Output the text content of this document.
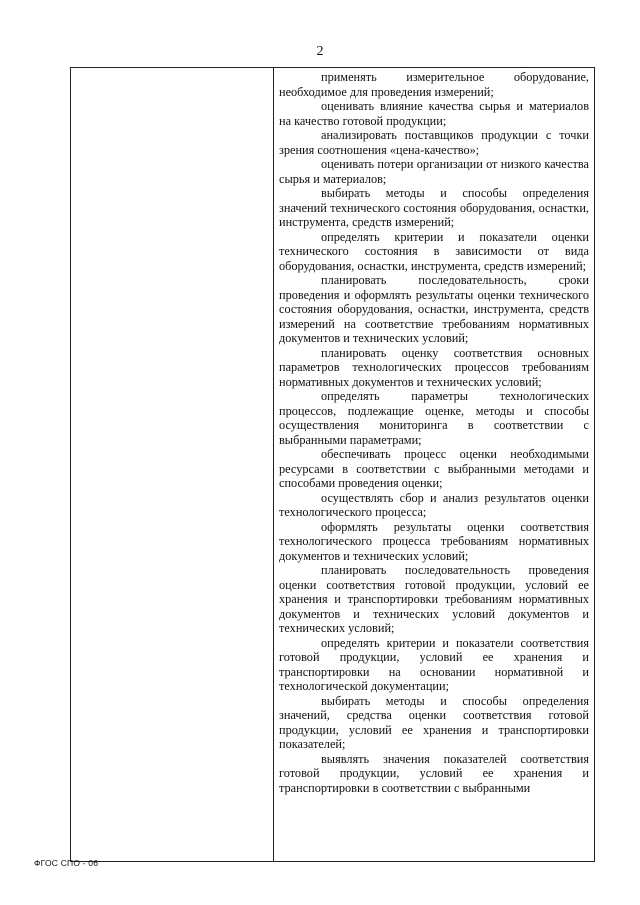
2

применять измерительное оборудование, необходимое для проведения измерений;

оценивать влияние качества сырья и материалов на качество готовой продукции;

анализировать поставщиков продукции с точки зрения соотношения «цена-качество»;

оценивать потери организации от низкого качества сырья и материалов;

выбирать методы и способы определения значений технического состояния оборудования, оснастки, инструмента, средств измерений;

определять критерии и показатели оценки технического состояния в зависимости от вида оборудования, оснастки, инструмента, средств измерений;

планировать последовательность, сроки проведения и оформлять результаты оценки технического состояния оборудования, оснастки, инструмента, средств измерений на соответствие требованиям нормативных документов и технических условий;

планировать оценку соответствия основных параметров технологических процессов требованиям нормативных документов и технических условий;

определять параметры технологических процессов, подлежащие оценке, методы и способы осуществления мониторинга в соответствии с выбранными параметрами;

обеспечивать процесс оценки необходимыми ресурсами в соответствии с выбранными методами и способами проведения оценки;

осуществлять сбор и анализ результатов оценки технологического процесса;

оформлять результаты оценки соответствия технологического процесса требованиям нормативных документов и технических условий;

планировать последовательность проведения оценки соответствия готовой продукции, условий ее хранения и транспортировки требованиям нормативных документов и технических условий документов и технических условий;

определять критерии и показатели соответствия готовой продукции, условий ее хранения и транспортировки на основании нормативной и технологической документации;

выбирать методы и способы определения значений, средства оценки соответствия готовой продукции, условий ее хранения и транспортировки показателей;

выявлять значения показателей соответствия готовой продукции, условий ее хранения и транспортировки в соответствии с выбранными

ФГОС СПО - 06
